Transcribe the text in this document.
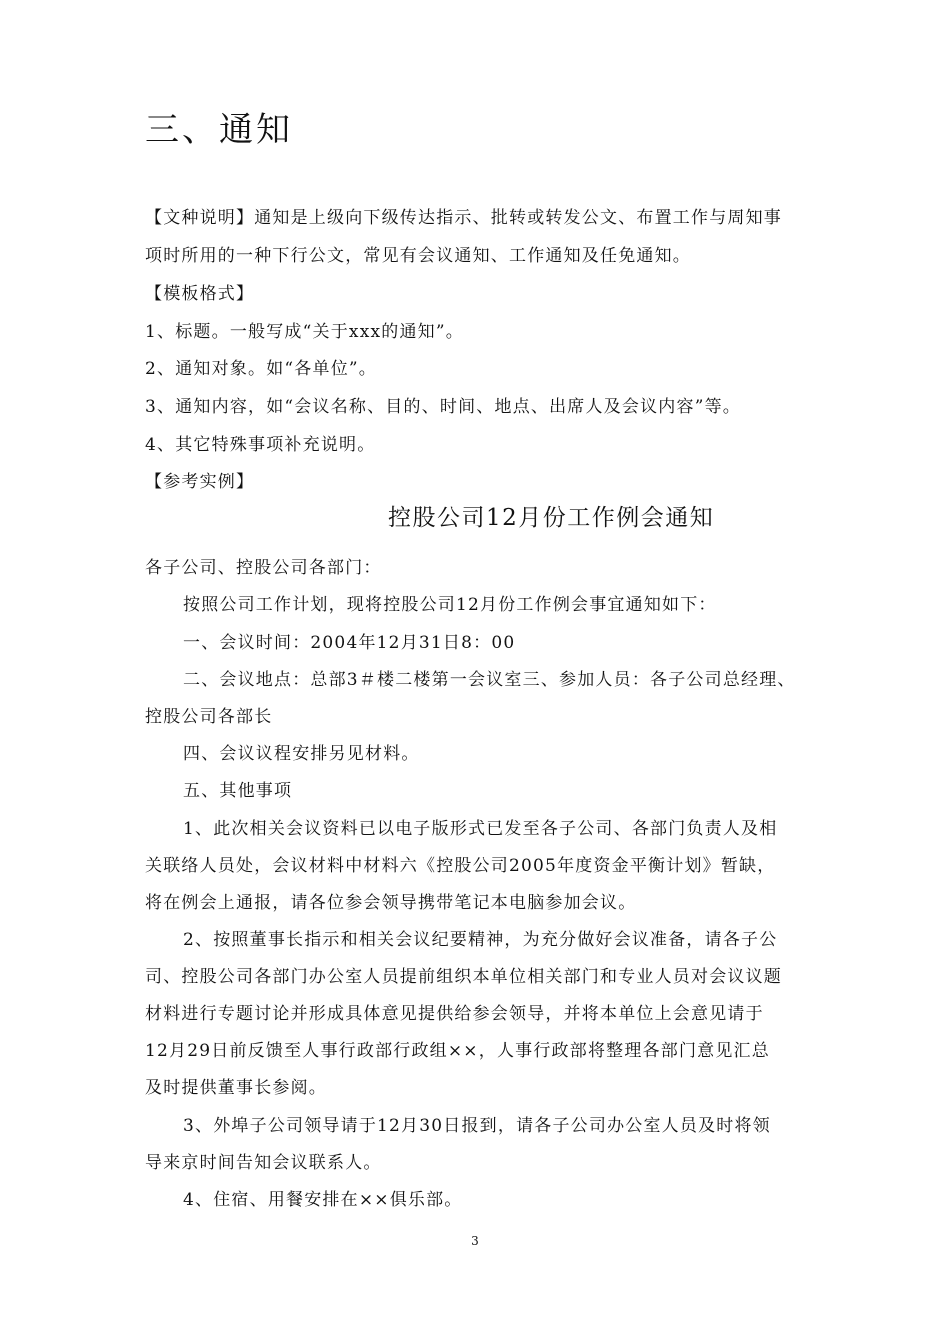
三、通知
【文种说明】通知是上级向下级传达指示、批转或转发公文、布置工作与周知事
项时所用的一种下行公文，常见有会议通知、工作通知及任免通知。
【模板格式】
1、标题。一般写成“关于xxx的通知”。
2、通知对象。如“各单位”。
3、通知内容，如“会议名称、目的、时间、地点、出席人及会议内容”等。
4、其它特殊事项补充说明。
【参考实例】
控股公司12月份工作例会通知
各子公司、控股公司各部门：
按照公司工作计划，现将控股公司12月份工作例会事宜通知如下：
一、会议时间：2004年12月31日8：00
二、会议地点：总部3＃楼二楼第一会议室三、参加人员：各子公司总经理、
控股公司各部长
四、会议议程安排另见材料。
五、其他事项
1、此次相关会议资料已以电子版形式已发至各子公司、各部门负责人及相
关联络人员处，会议材料中材料六《控股公司2005年度资金平衡计划》暂缺，
将在例会上通报，请各位参会领导携带笔记本电脑参加会议。
2、按照董事长指示和相关会议纪要精神，为充分做好会议准备，请各子公
司、控股公司各部门办公室人员提前组织本单位相关部门和专业人员对会议议题
材料进行专题讨论并形成具体意见提供给参会领导，并将本单位上会意见请于
12月29日前反馈至人事行政部行政组××，人事行政部将整理各部门意见汇总
及时提供董事长参阅。
3、外埠子公司领导请于12月30日报到，请各子公司办公室人员及时将领
导来京时间告知会议联系人。
4、住宿、用餐安排在××俱乐部。
3
